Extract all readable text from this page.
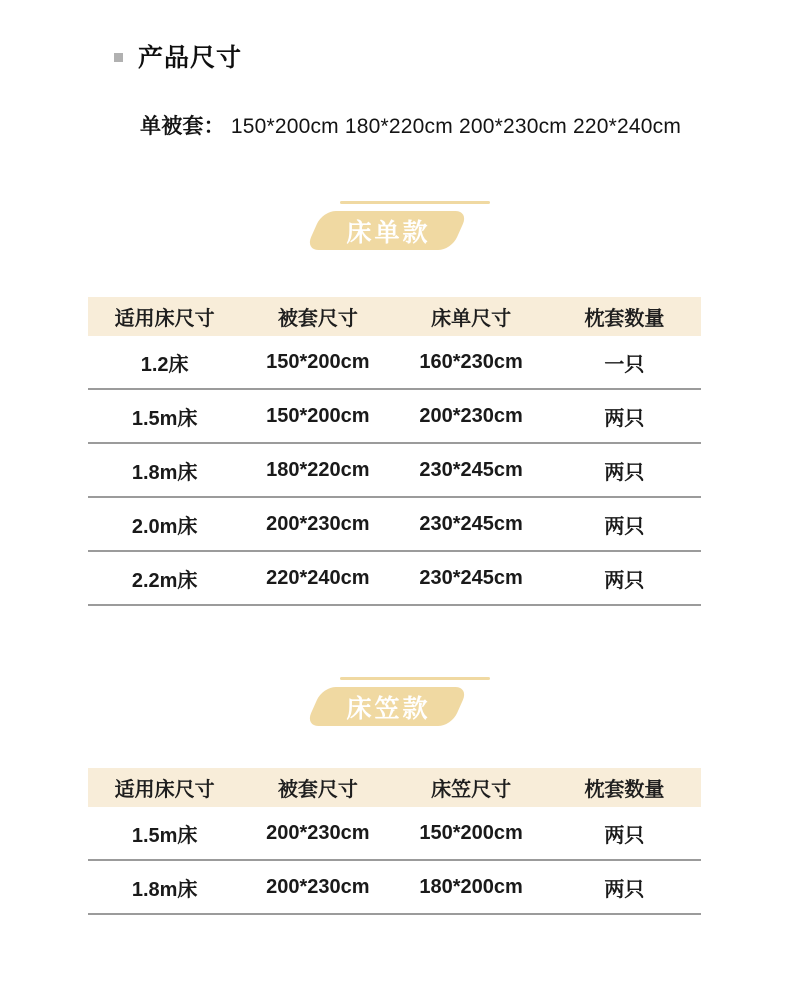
产品尺寸
单被套： 150*200cm 180*220cm 200*230cm 220*240cm
床单款
适用床尺寸	被套尺寸	床单尺寸	枕套数量
1.2床	150*200cm	160*230cm	一只
1.5m床	150*200cm	200*230cm	两只
1.8m床	180*220cm	230*245cm	两只
2.0m床	200*230cm	230*245cm	两只
2.2m床	220*240cm	230*245cm	两只
床笠款
适用床尺寸	被套尺寸	床笠尺寸	枕套数量
1.5m床	200*230cm	150*200cm	两只
1.8m床	200*230cm	180*200cm	两只
